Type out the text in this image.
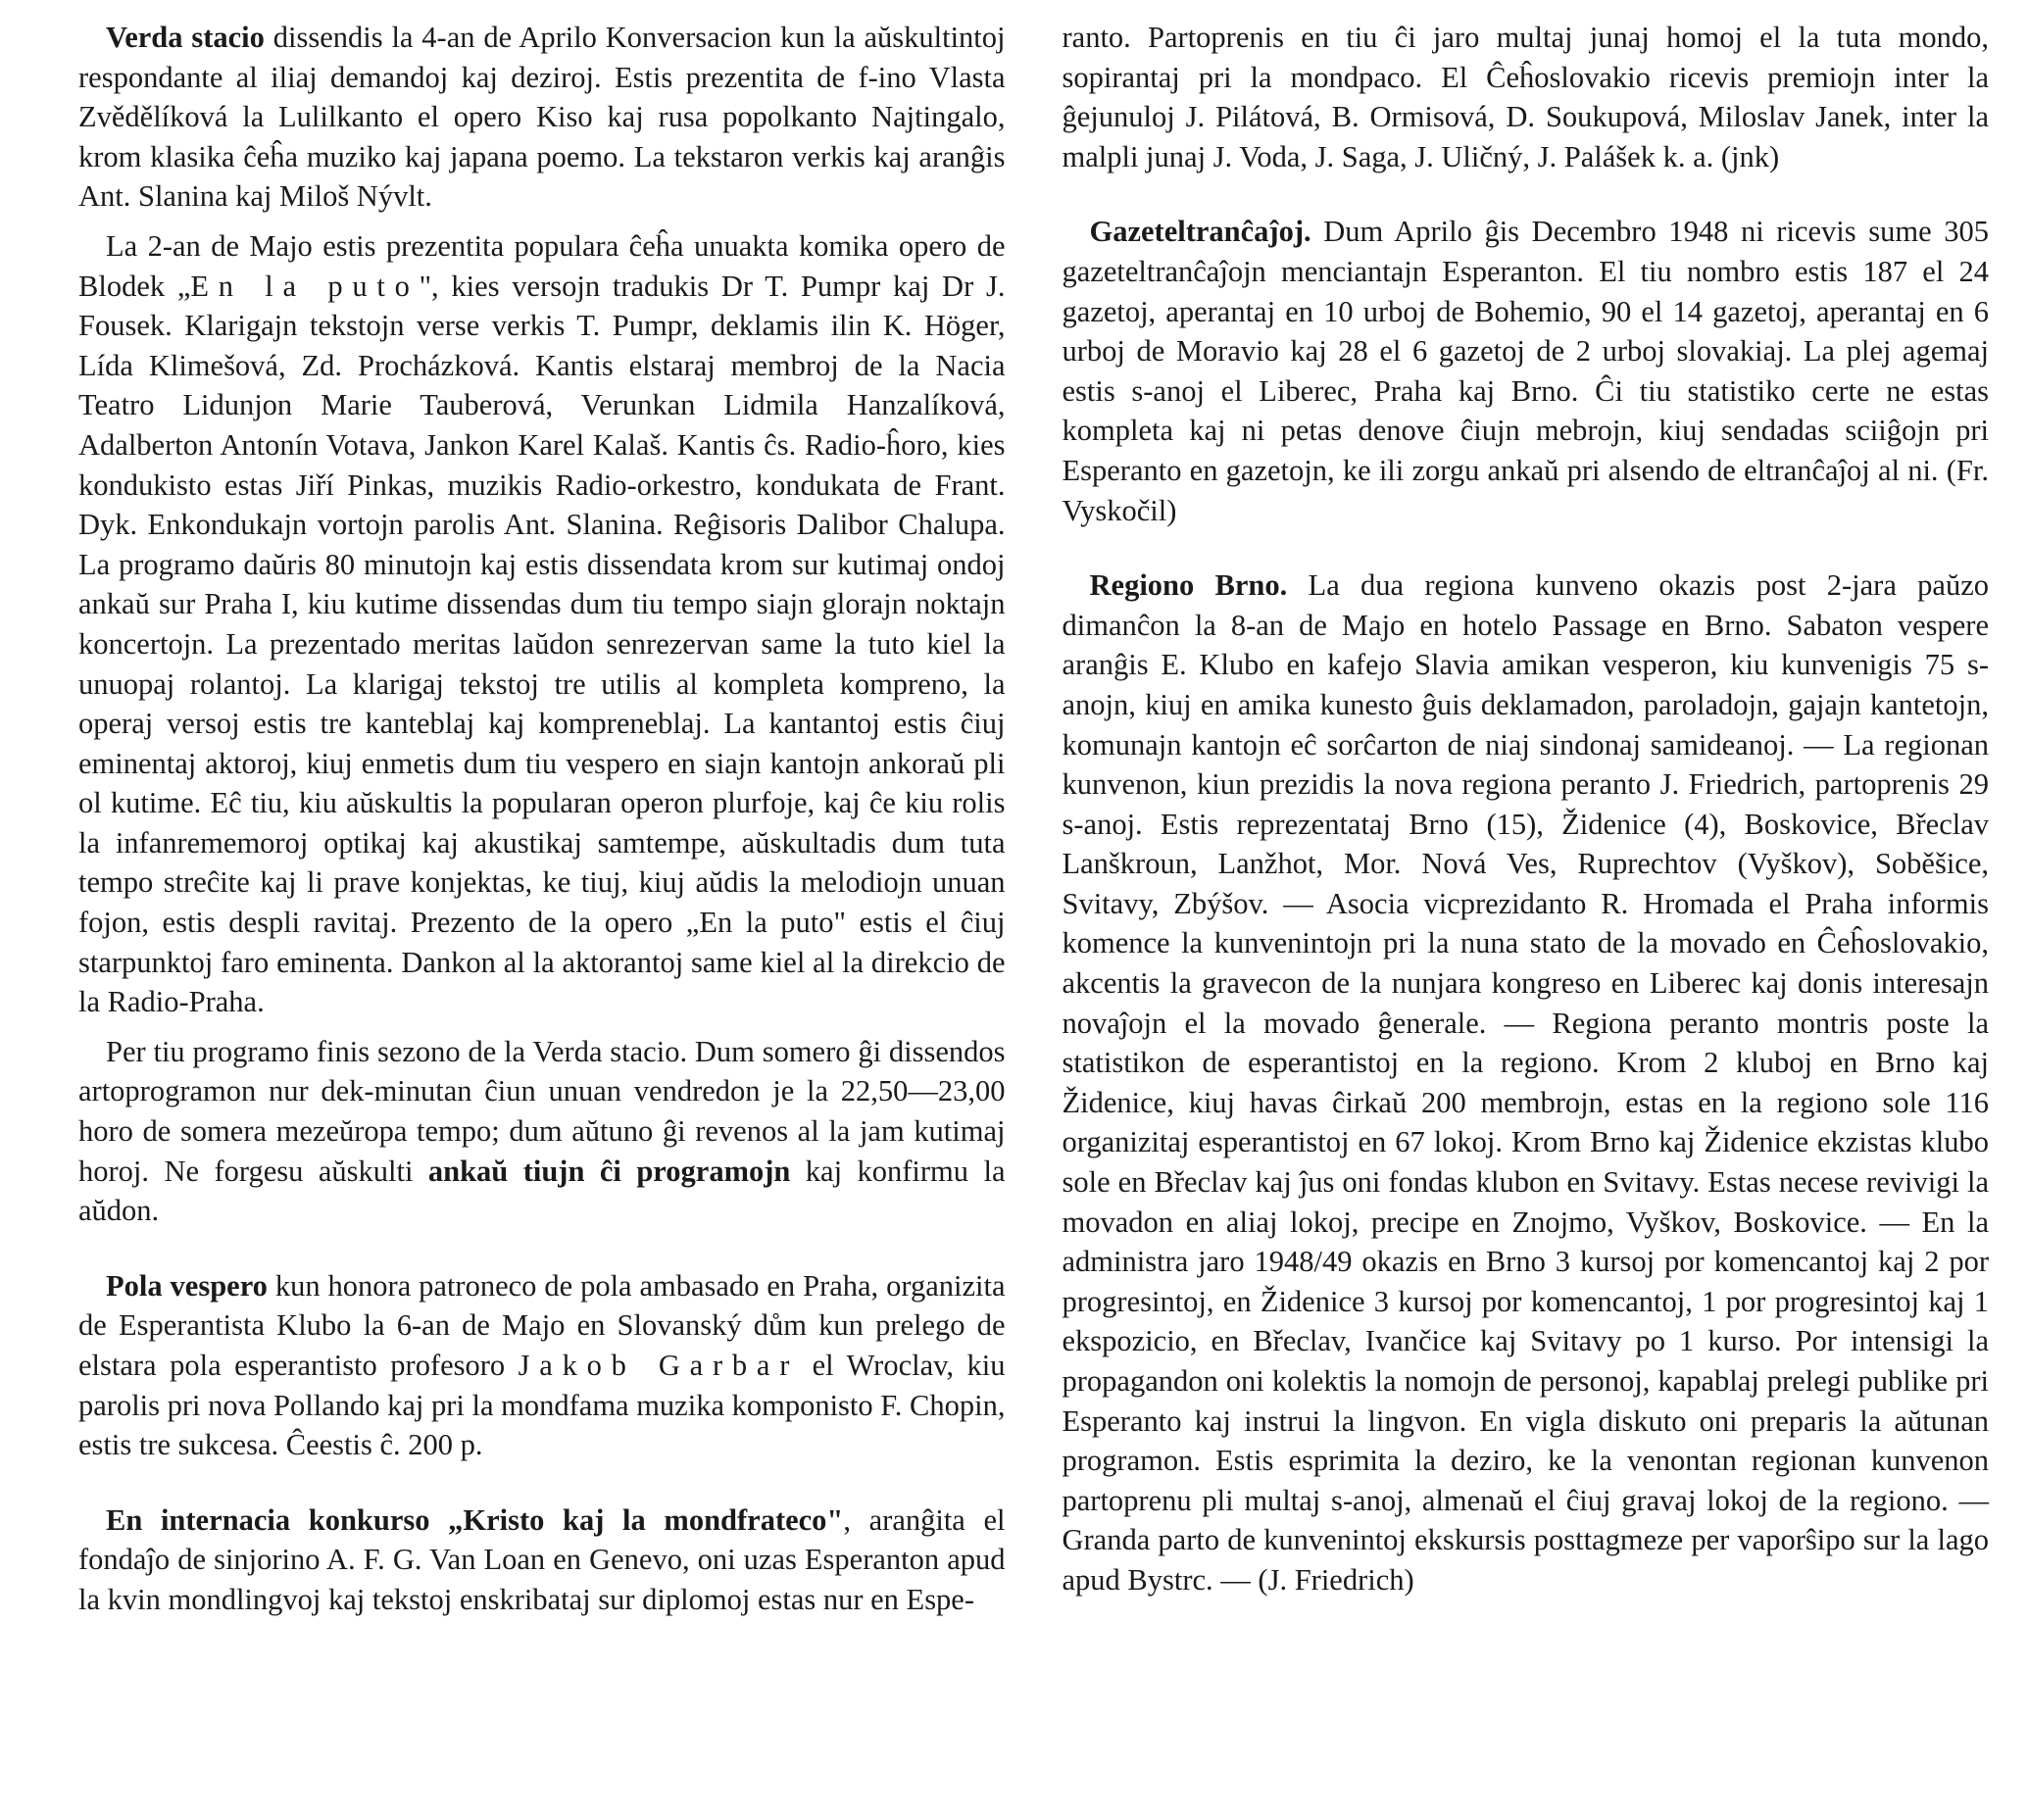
Verda stacio dissendis la 4-an de Aprilo Konversacion kun la aŭskultintoj respondante al iliaj demandoj kaj deziroj. Estis prezentita de f-ino Vlasta Zvědělíková la Lulilkanto el opero Kiso kaj rusa popolkanto Najtingalo, krom klasika ĉeĥa muziko kaj japana poemo. La tekstaron verkis kaj aranĝis Ant. Slanina kaj Miloš Nývlt.

La 2-an de Majo estis prezentita populara ĉeĥa unuakta komika opero de Blodek „En la puto", kies versojn tradukis Dr T. Pumpr kaj Dr J. Fousek. Klarigajn tekstojn verse verkis T. Pumpr, deklamis ilin K. Höger, Lída Klimešová, Zd. Procházková. Kantis elstaraj membroj de la Nacia Teatro Lidunjon Marie Tauberová, Verunkan Lidmila Hanzalíková, Adalberton Antonín Votava, Jankon Karel Kalaš. Kantis ĉs. Radio-ĥoro, kies kondukisto estas Jiří Pinkas, muzikis Radio-orkestro, kondukata de Frant. Dyk. Enkondukajn vortojn parolis Ant. Slanina. Reĝisoris Dalibor Chalupa. La programo daŭris 80 minutojn kaj estis dissendata krom sur kutimaj ondoj ankaŭ sur Praha I, kiu kutime dissendas dum tiu tempo siajn glorajn noktajn koncertojn. La prezentado meritas laŭdon senrezervan same la tuto kiel la unuopaj rolantoj. La klarigaj tekstoj tre utilis al kompleta kompreno, la operaj versoj estis tre kanteblaj kaj kompreneblaj. La kantantoj estis ĉiuj eminentaj aktoroj, kiuj enmetis dum tiu vespero en siajn kantojn ankoraŭ pli ol kutime. Eĉ tiu, kiu aŭskultis la popularan operon plurfoje, kaj ĉe kiu rolis la infanrememoroj optikaj kaj akustikaj samtempe, aŭskultadis dum tuta tempo streĉite kaj li prave konjektas, ke tiuj, kiuj aŭdis la melodiojn unuan fojon, estis despli ravitaj. Prezento de la opero „En la puto" estis el ĉiuj starpunktoj faro eminenta. Dankon al la aktorantoj same kiel al la direkcio de la Radio-Praha.

Per tiu programo finis sezono de la Verda stacio. Dum somero ĝi dissendos artoprogramon nur dek-minutan ĉiun unuan vendredon je la 22,50—23,00 horo de somera mezeŭropa tempo; dum aŭtuno ĝi revenos al la jam kutimaj horoj. Ne forgesu aŭskulti ankaŭ tiujn ĉi programojn kaj konfirmu la aŭdon.

Pola vespero kun honora patroneco de pola ambasado en Praha, organizita de Esperantista Klubo la 6-an de Majo en Slovanský dům kun prelego de elstara pola esperantisto profesoro Jakob Garbar el Wroclav, kiu parolis pri nova Pollando kaj pri la mondfama muzika komponisto F. Chopin, estis tre sukcesa. Ĉeestis ĉ. 200 p.

En internacia konkurso „Kristo kaj la mondfrateco", aranĝita el fondaĵo de sinjorino A. F. G. Van Loan en Genevo, oni uzas Esperanton apud la kvin mondlingvoj kaj tekstoj enskribataj sur diplomoj estas nur en Espe-

ranto. Partoprenis en tiu ĉi jaro multaj junaj homoj el la tuta mondo, sopirantaj pri la mondpaco. El Ĉeĥoslovakio ricevis premiojn inter la ĝejunuloj J. Pilátová, B. Ormisová, D. Soukupová, Miloslav Janek, inter la malpli junaj J. Voda, J. Saga, J. Uličný, J. Palášek k. a. (jnk)

Gazeteltranĉaĵoj. Dum Aprilo ĝis Decembro 1948 ni ricevis sume 305 gazeteltranĉaĵojn menciantajn Esperanton. El tiu nombro estis 187 el 24 gazetoj, aperantaj en 10 urboj de Bohemio, 90 el 14 gazetoj, aperantaj en 6 urboj de Moravio kaj 28 el 6 gazetoj de 2 urboj slovakiaj. La plej agemaj estis s-anoj el Liberec, Praha kaj Brno. Ĉi tiu statistiko certe ne estas kompleta kaj ni petas denove ĉiujn mebrojn, kiuj sendadas sciiĝojn pri Esperanto en gazetojn, ke ili zorgu ankaŭ pri alsendo de eltranĉaĵoj al ni. (Fr. Vyskočil)

Regiono Brno. La dua regiona kunveno okazis post 2-jara paŭzo dimanĉon la 8-an de Majo en hotelo Passage en Brno. Sabaton vespere aranĝis E. Klubo en kafejo Slavia amikan vesperon, kiu kunvenigis 75 s-anojn, kiuj en amika kunesto ĝuis deklamadon, paroladojn, gajajn kantetojn, komunajn kantojn eĉ sorĉarton de niaj sindonaj samideanoj. — La regionan kunvenon, kiun prezidis la nova regiona peranto J. Friedrich, partoprenis 29 s-anoj. Estis reprezentataj Brno (15), Židenice (4), Boskovice, Břeclav Lanškroun, Lanžhot, Mor. Nová Ves, Ruprechtov (Vyškov), Soběšice, Svitavy, Zbýšov. — Asocia vicprezidanto R. Hromada el Praha informis komence la kunvenintojn pri la nuna stato de la movado en Ĉeĥoslovakio, akcentis la gravecon de la nunjara kongreso en Liberec kaj donis interesajn novaĵojn el la movado ĝenerale. — Regiona peranto montris poste la statistikon de esperantistoj en la regiono. Krom 2 kluboj en Brno kaj Židenice, kiuj havas ĉirkaŭ 200 membrojn, estas en la regiono sole 116 organizitaj esperantistoj en 67 lokoj. Krom Brno kaj Židenice ekzistas klubo sole en Břeclav kaj ĵus oni fondas klubon en Svitavy. Estas necese revivigi la movadon en aliaj lokoj, precipe en Znojmo, Vyškov, Boskovice. — En la administra jaro 1948/49 okazis en Brno 3 kursoj por komencantoj kaj 2 por progresintoj, en Židenice 3 kursoj por komencantoj, 1 por progresintoj kaj 1 ekspozicio, en Břeclav, Ivančice kaj Svitavy po 1 kurso. Por intensigi la propagandon oni kolektis la nomojn de personoj, kapablaj prelegi publike pri Esperanto kaj instrui la lingvon. En vigla diskuto oni preparis la aŭtunan programon. Estis esprimita la deziro, ke la venontan regionan kunvenon partoprenu pli multaj s-anoj, almenaŭ el ĉiuj gravaj lokoj de la regiono. — Granda parto de kunvenintoj ekskursis posttagmeze per vaporŝipo sur la lago apud Bystrc. — (J. Friedrich)
